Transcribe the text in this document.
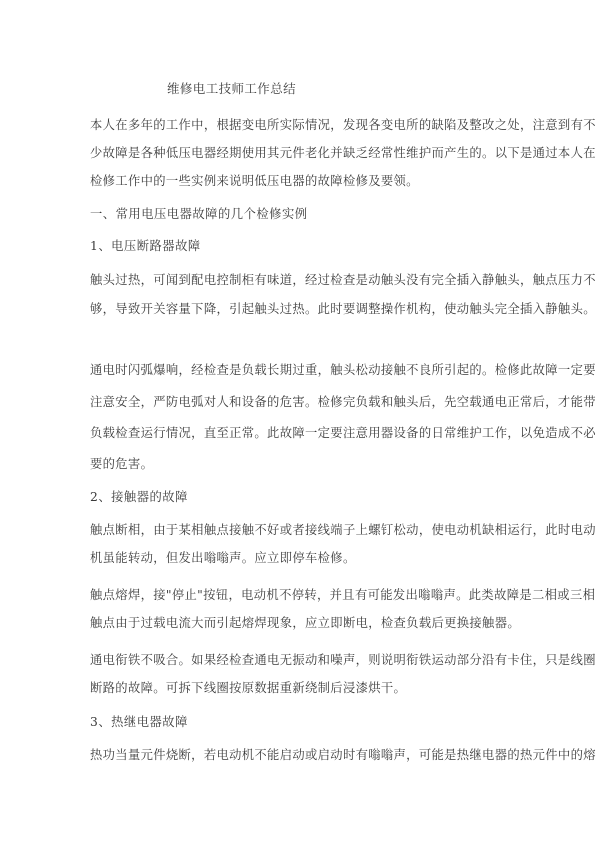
维修电工技师工作总结
本人在多年的工作中，根据变电所实际情况，发现各变电所的缺陷及整改之处，注意到有不
少故障是各种低压电器经期使用其元件老化并缺乏经常性维护而产生的。以下是通过本人在
检修工作中的一些实例来说明低压电器的故障检修及要领。
一、常用电压电器故障的几个检修实例
1、电压断路器故障
触头过热，可闻到配电控制柜有味道，经过检查是动触头没有完全插入静触头，触点压力不
够，导致开关容量下降，引起触头过热。此时要调整操作机构，使动触头完全插入静触头。
通电时闪弧爆响，经检查是负载长期过重，触头松动接触不良所引起的。检修此故障一定要
注意安全，严防电弧对人和设备的危害。检修完负载和触头后，先空载通电正常后，才能带
负载检查运行情况，直至正常。此故障一定要注意用器设备的日常维护工作，以免造成不必
要的危害。
2、接触器的故障
触点断相，由于某相触点接触不好或者接线端子上螺钉松动，使电动机缺相运行，此时电动
机虽能转动，但发出嗡嗡声。应立即停车检修。
触点熔焊，接"停止"按钮，电动机不停转，并且有可能发出嗡嗡声。此类故障是二相或三相
触点由于过载电流大而引起熔焊现象，应立即断电，检查负载后更换接触器。
通电衔铁不吸合。如果经检查通电无振动和噪声，则说明衔铁运动部分沿有卡住，只是线圈
断路的故障。可拆下线圈按原数据重新绕制后浸漆烘干。
3、热继电器故障
热功当量元件烧断，若电动机不能启动或启动时有嗡嗡声，可能是热继电器的热元件中的熔
